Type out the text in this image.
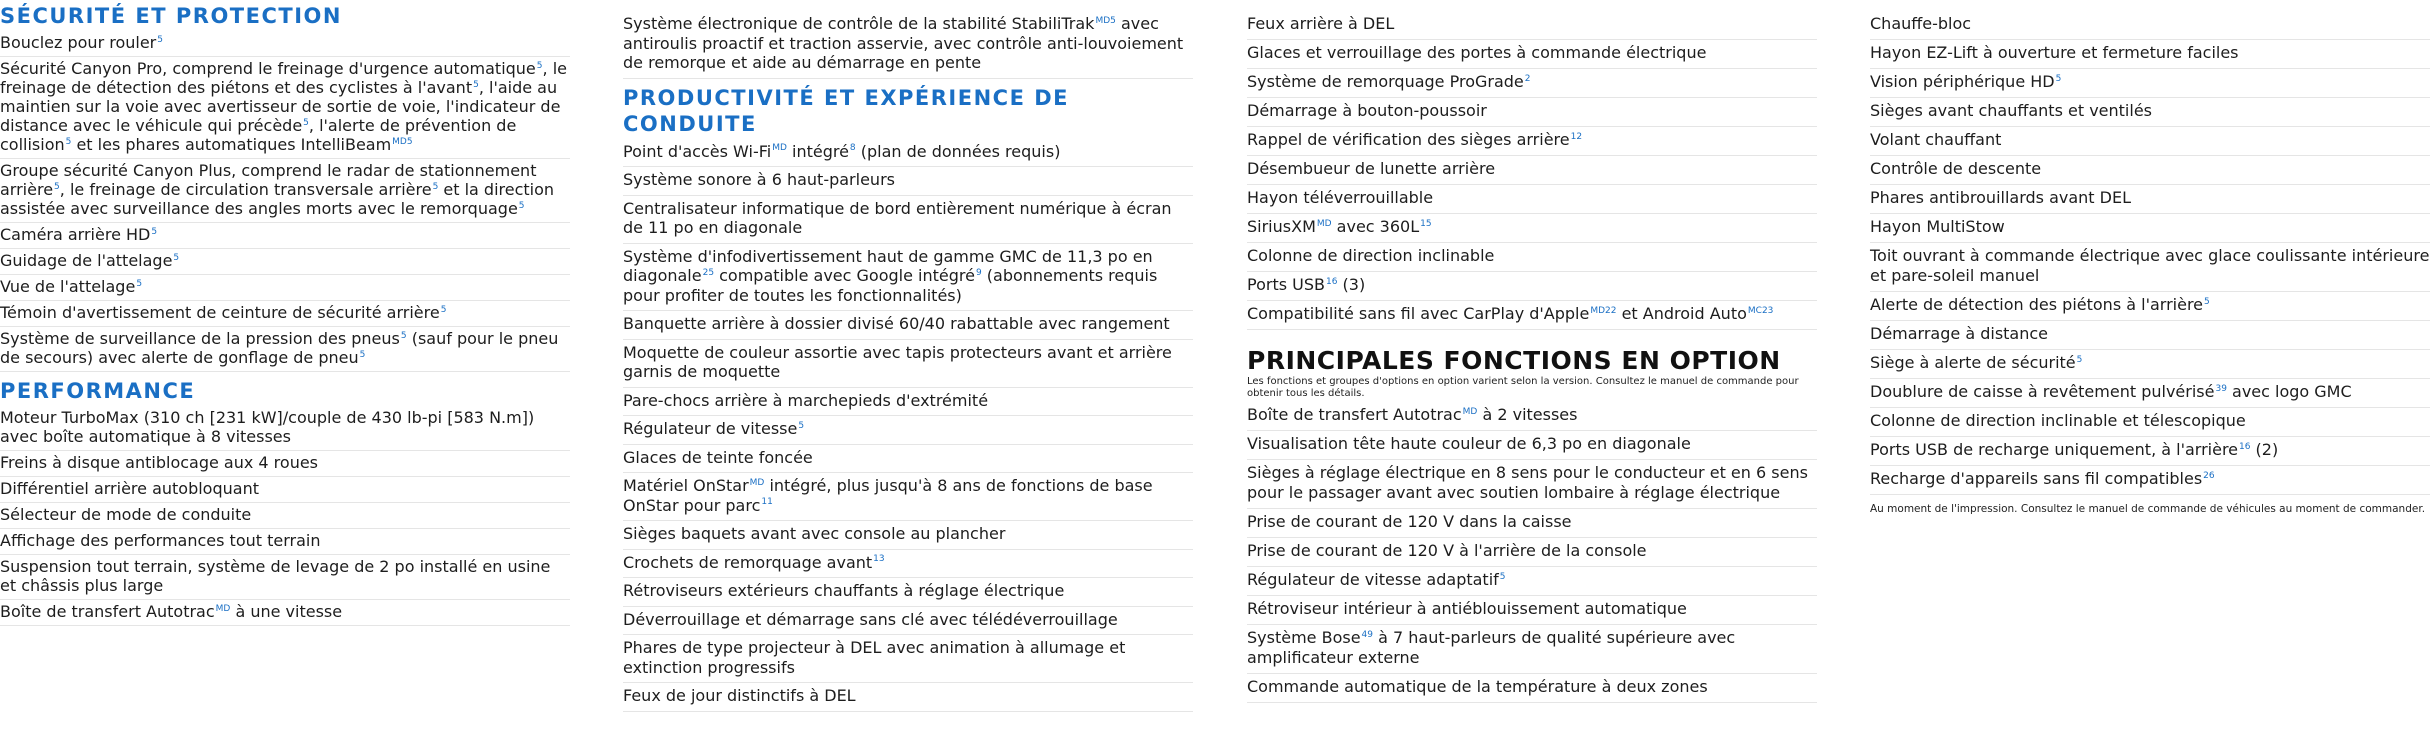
SÉCURITÉ ET PROTECTION
Bouclez pour rouler$^5$
Sécurité Canyon Pro, comprend le freinage d'urgence automatique$^5$, le freinage de détection des piétons et des cyclistes à l'avant$^5$, l'aide au maintien sur la voie avec avertisseur de sortie de voie, l'indicateur de distance avec le véhicule qui précède$^5$, l'alerte de prévention de collision$^5$ et les phares automatiques IntelliBeam$^{MD5}$
Groupe sécurité Canyon Plus, comprend le radar de stationnement arrière$^5$, le freinage de circulation transversale arrière$^5$ et la direction assistée avec surveillance des angles morts avec le remorquage$^5$
Caméra arrière $HD^5$
Guidage de l'attelage$^5$
Vue de l'attelage$^5$
Témoin d'avertissement de ceinture de sécurité arrière$^5$
Système de surveillance de la pression des pneus$^5$ (sauf pour le pneu de secours) avec alerte de gonflage de pneu$^5$
PERFORMANCE
Moteur TurboMax (310 ch [231 kW]/couple de 430 lb-pi [583 N.m]) avec boîte automatique à 8 vitesses
Freins à disque antiblocage aux 4 roues
Différentiel arrière autobloquant
Sélecteur de mode de conduite
Affichage des performances tout terrain
Suspension tout terrain, système de levage de 2 po installé en usine et châssis plus large
Boîte de transfert Autotrac$^{MD}$ à une vitesse
Système électronique de contrôle de la stabilité StabiliTrak$^{MD5}$ avec antiroulis proactif et traction asservie, avec contrôle anti-louvoiement de remorque et aide au démarrage en pente
PRODUCTIVITÉ ET EXPÉRIENCE DE CONDUITE
Point d'accès $Wi-Fi^{MD}$ intégré$^8$ (plan de données requis)
Système sonore à 6 haut-parleurs
Centralisateur informatique de bord entièrement numérique à écran de 11 po en diagonale
Système d'infodivertissement haut de gamme GMC de 11,3 po en diagonale$^{25}$ compatible avec Google intégré$^9$ (abonnements requis pour profiter de toutes les fonctionnalités)
Banquette arrière à dossier divisé 60/40 rabattable avec rangement
Moquette de couleur assortie avec tapis protecteurs avant et arrière garnis de moquette
Pare-chocs arrière à marchepieds d'extrémité
Régulateur de vitesse$^5$
Glaces de teinte foncée
Matériel OnStar$^{MD}$ intégré, plus jusqu'à 8 ans de fonctions de base OnStar pour parc$^{11}$
Sièges baquets avant avec console au plancher
Crochets de remorquage avant$^{13}$
Rétroviseurs extérieurs chauffants à réglage électrique
Déverrouillage et démarrage sans clé avec télédéverrouillage
Phares de type projecteur à DEL avec animation à allumage et extinction progressifs
Feux de jour distinctifs à DEL
Feux arrière à DEL
Glaces et verrouillage des portes à commande électrique
Système de remorquage ProGrade$^2$
Démarrage à bouton-poussoir
Rappel de vérification des sièges arrière$^{12}$
Désembueur de lunette arrière
Hayon téléverrouillable
SiriusXM$^{MD}$ avec $360L^{15}$
Colonne de direction inclinable
Ports USB$^{16}$ (3)
Compatibilité sans fil avec CarPlay d'Apple$^{MD22}$ et Android Auto$^{MC23}$
PRINCIPALES FONCTIONS EN OPTION
Les fonctions et groupes d'options en option varient selon la version. Consultez le manuel de commande pour obtenir tous les détails.
Boîte de transfert Autotrac$^{MD}$ à 2 vitesses
Visualisation tête haute couleur de 6,3 po en diagonale
Sièges à réglage électrique en 8 sens pour le conducteur et en 6 sens pour le passager avant avec soutien lombaire à réglage électrique
Prise de courant de 120 V dans la caisse
Prise de courant de 120 V à l'arrière de la console
Régulateur de vitesse adaptatif$^5$
Rétroviseur intérieur à antiéblouissement automatique
Système Bose$^{49}$ à 7 haut-parleurs de qualité supérieure avec amplificateur externe
Commande automatique de la température à deux zones
Chauffe-bloc
Hayon EZ-Lift à ouverture et fermeture faciles
Vision périphérique $HD^5$
Sièges avant chauffants et ventilés
Volant chauffant
Contrôle de descente
Phares antibrouillards avant DEL
Hayon MultiStow
Toit ouvrant à commande électrique avec glace coulissante intérieure et pare-soleil manuel
Alerte de détection des piétons à l'arrière$^5$
Démarrage à distance
Siège à alerte de sécurité$^5$
Doublure de caisse à revêtement pulvérisé$^{39}$ avec logo GMC
Colonne de direction inclinable et télescopique
Ports USB de recharge uniquement, à l'arrière$^{16}$ (2)
Recharge d'appareils sans fil compatibles$^{26}$
Au moment de l'impression. Consultez le manuel de commande de véhicules au moment de commander.
